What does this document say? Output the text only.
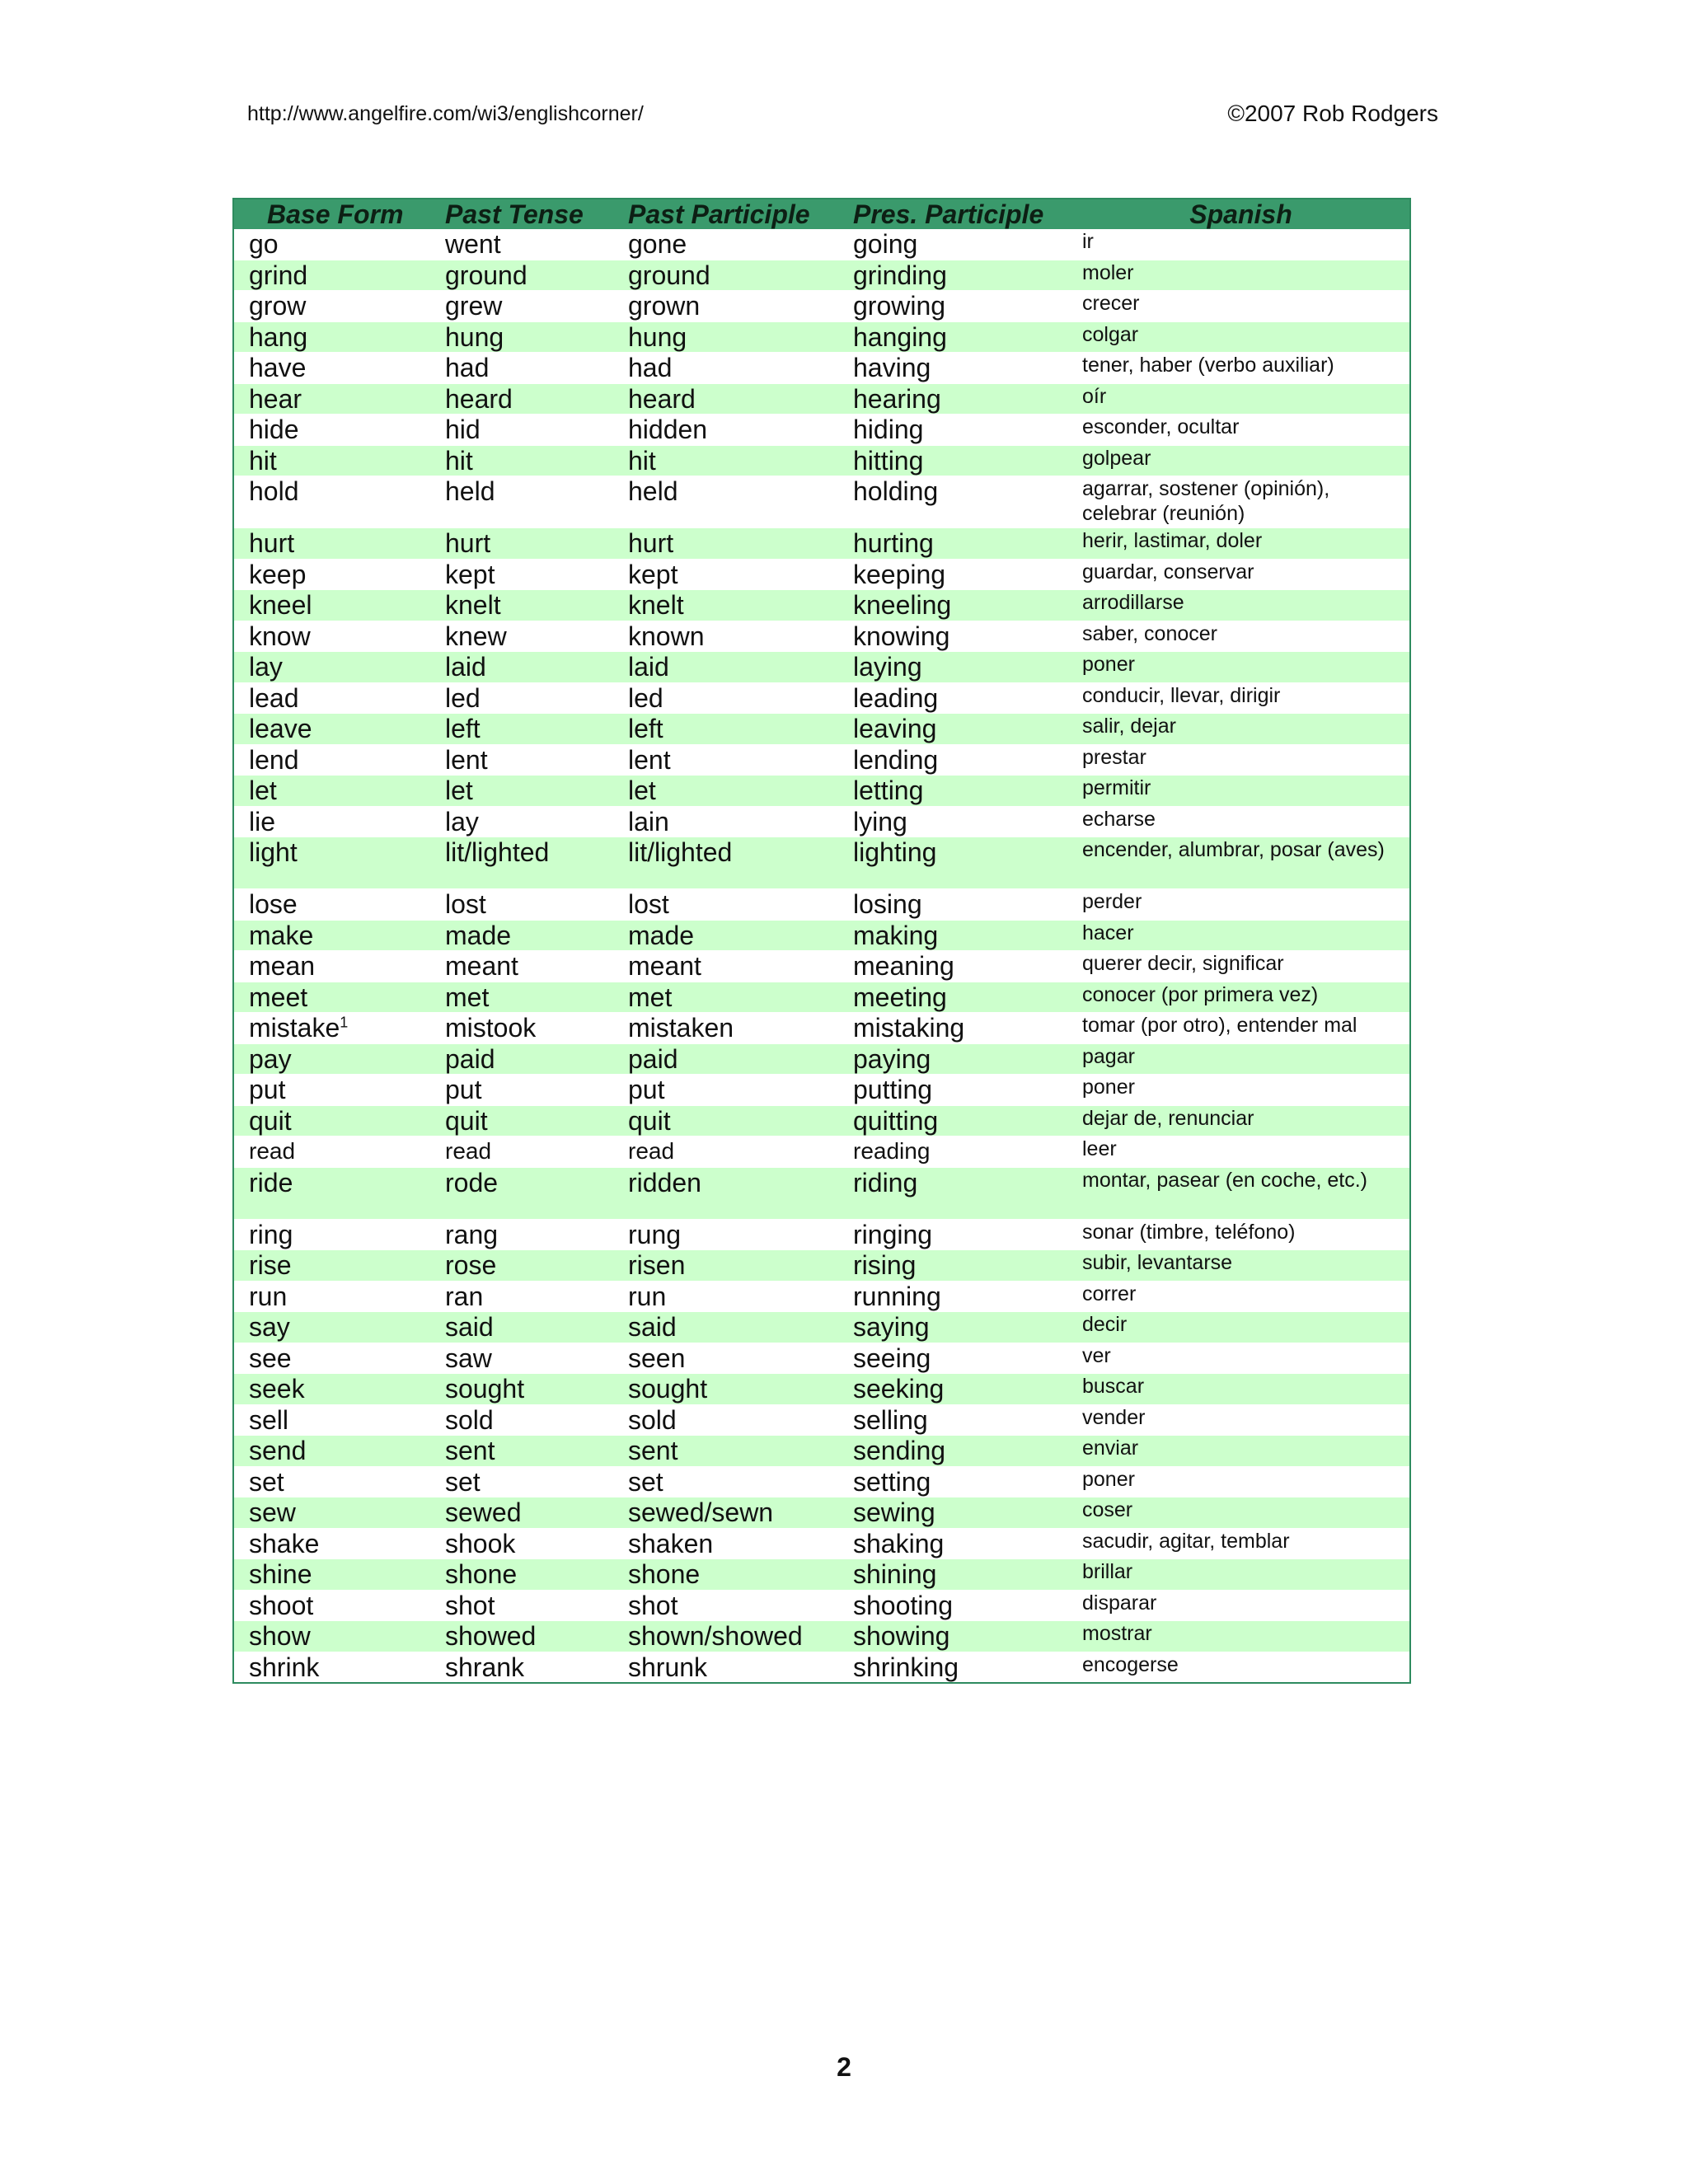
http://www.angelfire.com/wi3/englishcorner/	©2007 Rob Rodgers
Base Form	Past Tense	Past Participle	Pres. Participle	Spanish
go	went	gone	going	ir
grind	ground	ground	grinding	moler
grow	grew	grown	growing	crecer
hang	hung	hung	hanging	colgar
have	had	had	having	tener, haber (verbo auxiliar)
hear	heard	heard	hearing	oír
hide	hid	hidden	hiding	esconder, ocultar
hit	hit	hit	hitting	golpear
hold	held	held	holding	agarrar, sostener (opinión), celebrar (reunión)
hurt	hurt	hurt	hurting	herir, lastimar, doler
keep	kept	kept	keeping	guardar, conservar
kneel	knelt	knelt	kneeling	arrodillarse
know	knew	known	knowing	saber, conocer
lay	laid	laid	laying	poner
lead	led	led	leading	conducir, llevar, dirigir
leave	left	left	leaving	salir, dejar
lend	lent	lent	lending	prestar
let	let	let	letting	permitir
lie	lay	lain	lying	echarse
light	lit/lighted	lit/lighted	lighting	encender, alumbrar, posar (aves)
lose	lost	lost	losing	perder
make	made	made	making	hacer
mean	meant	meant	meaning	querer decir, significar
meet	met	met	meeting	conocer (por primera vez)
mistake$^1$	mistook	mistaken	mistaking	tomar (por otro), entender mal
pay	paid	paid	paying	pagar
put	put	put	putting	poner
quit	quit	quit	quitting	dejar de, renunciar
read	read	read	reading	leer
ride	rode	ridden	riding	montar, pasear (en coche, etc.)
ring	rang	rung	ringing	sonar (timbre, teléfono)
rise	rose	risen	rising	subir, levantarse
run	ran	run	running	correr
say	said	said	saying	decir
see	saw	seen	seeing	ver
seek	sought	sought	seeking	buscar
sell	sold	sold	selling	vender
send	sent	sent	sending	enviar
set	set	set	setting	poner
sew	sewed	sewed/sewn	sewing	coser
shake	shook	shaken	shaking	sacudir, agitar, temblar
shine	shone	shone	shining	brillar
shoot	shot	shot	shooting	disparar
show	showed	shown/showed	showing	mostrar
shrink	shrank	shrunk	shrinking	encogerse
2
